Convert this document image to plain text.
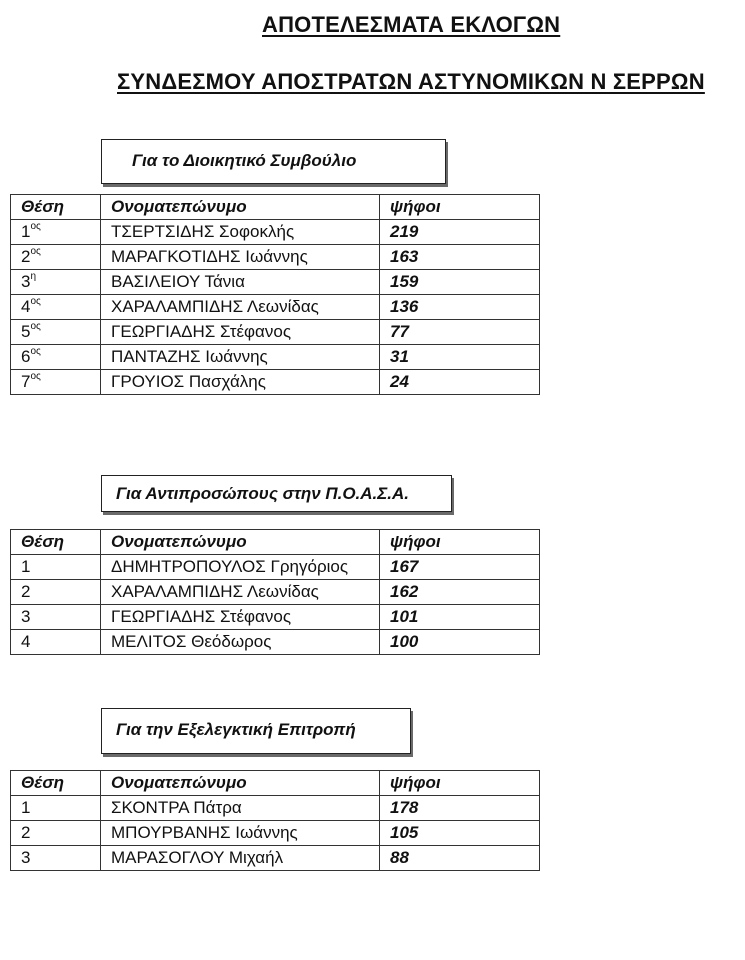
ΑΠΟΤΕΛΕΣΜΑΤΑ ΕΚΛΟΓΩΝ
ΣΥΝΔΕΣΜΟΥ ΑΠΟΣΤΡΑΤΩΝ ΑΣΤΥΝΟΜΙΚΩΝ Ν ΣΕΡΡΩΝ
Για το Διοικητικό Συμβούλιο
Θέση	Ονοματεπώνυμο	ψήφοι
$1^{o\varsigma}$	ΤΣΕΡΤΣΙΔΗΣ Σοφοκλής	219
$2^{o\varsigma}$	ΜΑΡΑΓΚΟΤΙΔΗΣ Ιωάννης	163
$3^\eta$	ΒΑΣΙΛΕΙΟΥ Τάνια	159
$4^{o\varsigma}$	ΧΑΡΑΛΑΜΠΙΔΗΣ Λεωνίδας	136
$5^{o\varsigma}$	ΓΕΩΡΓΙΑΔΗΣ Στέφανος	77
$6^{o\varsigma}$	ΠΑΝΤΑΖΗΣ Ιωάννης	31
$7^{o\varsigma}$	ΓΡΟΥΙΟΣ Πασχάλης	24
Για Αντιπροσώπους στην Π.Ο.Α.Σ.Α.
Θέση	Ονοματεπώνυμο	ψήφοι
1	ΔΗΜΗΤΡΟΠΟΥΛΟΣ Γρηγόριος	167
2	ΧΑΡΑΛΑΜΠΙΔΗΣ Λεωνίδας	162
3	ΓΕΩΡΓΙΑΔΗΣ Στέφανος	101
4	ΜΕΛΙΤΟΣ Θεόδωρος	100
Για την Εξελεγκτική Επιτροπή
Θέση	Ονοματεπώνυμο	ψήφοι
1	ΣΚΟΝΤΡΑ Πάτρα	178
2	ΜΠΟΥΡΒΑΝΗΣ Ιωάννης	105
3	ΜΑΡΑΣΟΓΛΟΥ Μιχαήλ	88
